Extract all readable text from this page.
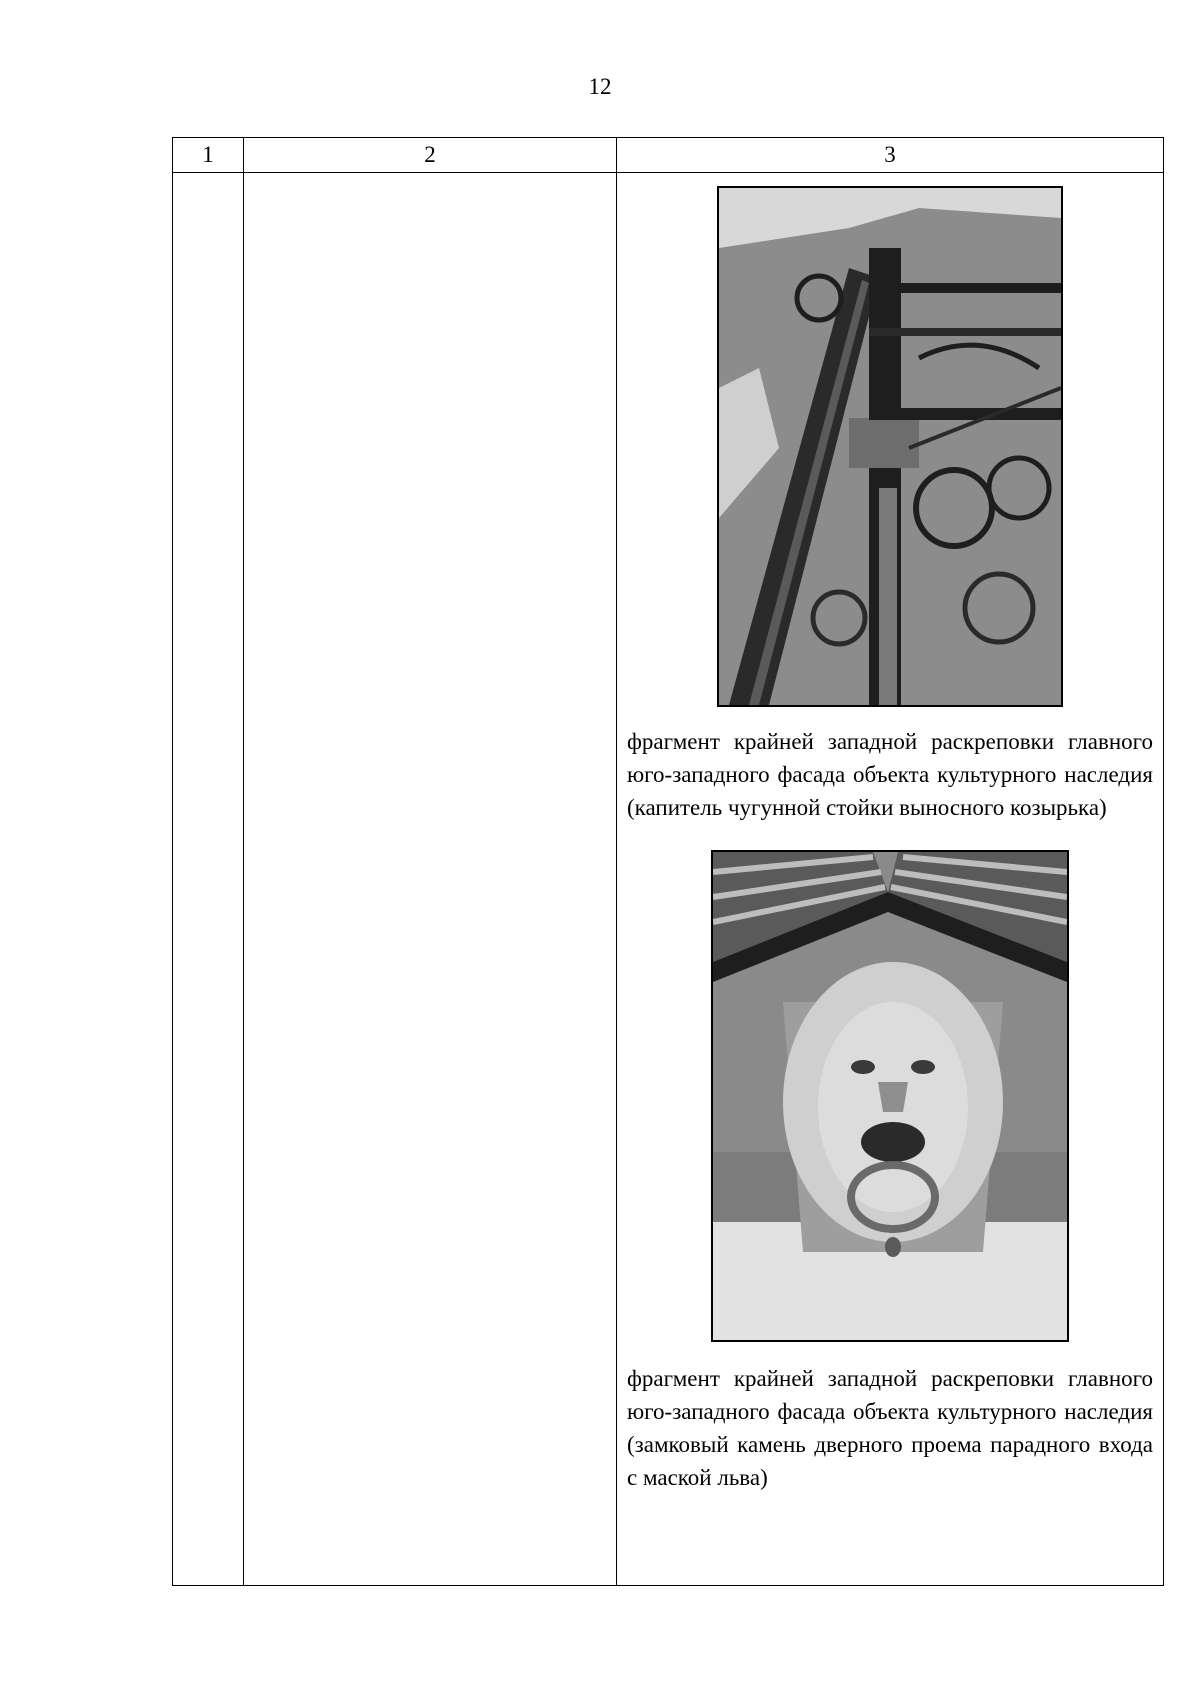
12
1	2	3

		фрагмент крайней западной раскреповки главного юго-западного фасада объекта культурного наследия (капитель чугунной стойки выносного козырька)
фрагмент крайней западной раскреповки главного юго-западного фасада объекта культурного наследия (замковый камень дверного проема парадного входа с маской льва)
